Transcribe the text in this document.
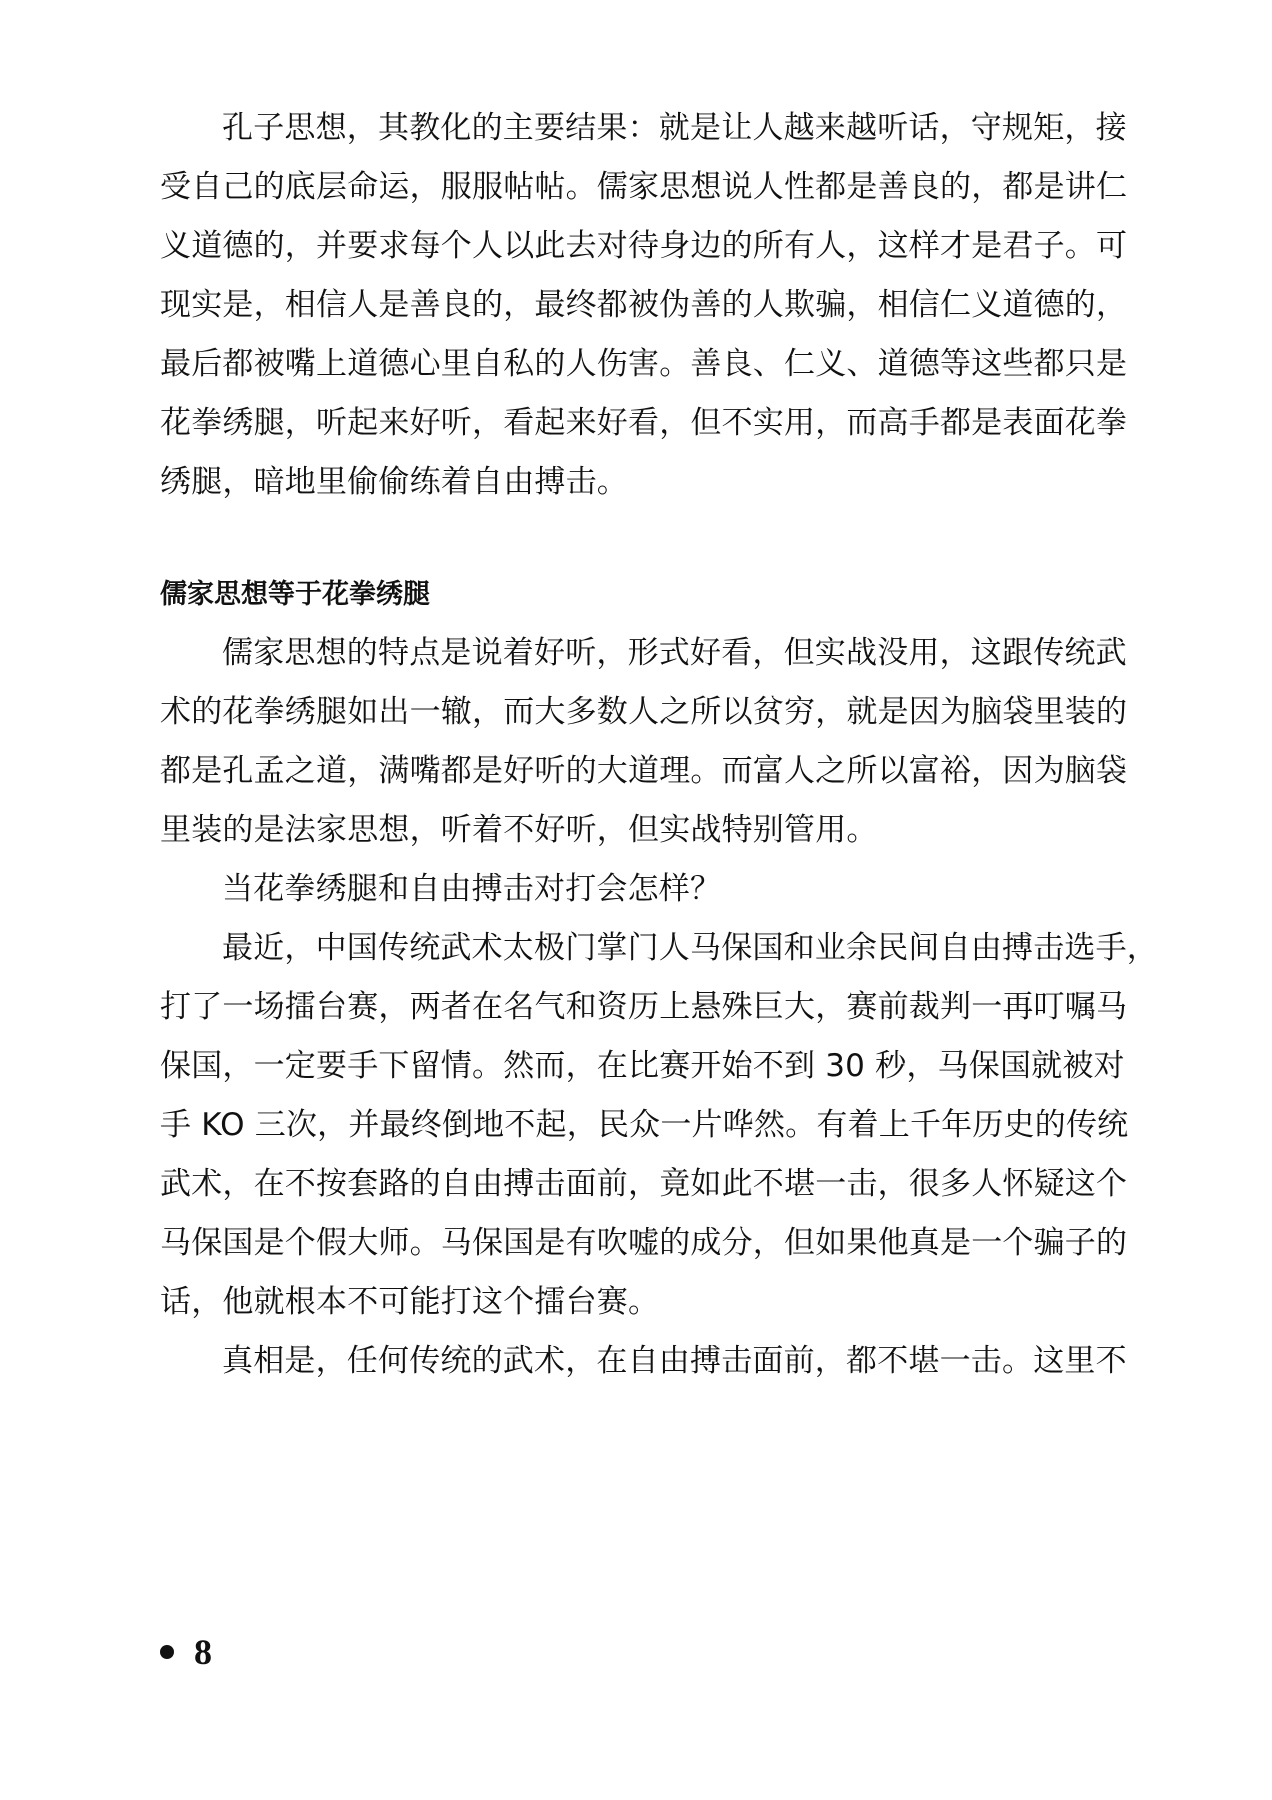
孔子思想，其教化的主要结果：就是让人越来越听话，守规矩，接
受自己的底层命运，服服帖帖。儒家思想说人性都是善良的，都是讲仁
义道德的，并要求每个人以此去对待身边的所有人，这样才是君子。可
现实是，相信人是善良的，最终都被伪善的人欺骗，相信仁义道德的，
最后都被嘴上道德心里自私的人伤害。善良、仁义、道德等这些都只是
花拳绣腿，听起来好听，看起来好看，但不实用，而高手都是表面花拳
绣腿，暗地里偷偷练着自由搏击。
儒家思想等于花拳绣腿
儒家思想的特点是说着好听，形式好看，但实战没用，这跟传统武
术的花拳绣腿如出一辙，而大多数人之所以贫穷，就是因为脑袋里装的
都是孔孟之道，满嘴都是好听的大道理。而富人之所以富裕，因为脑袋
里装的是法家思想，听着不好听，但实战特别管用。
当花拳绣腿和自由搏击对打会怎样？
最近，中国传统武术太极门掌门人马保国和业余民间自由搏击选手，
打了一场擂台赛，两者在名气和资历上悬殊巨大，赛前裁判一再叮嘱马
保国，一定要手下留情。然而，在比赛开始不到 30 秒，马保国就被对
手 KO 三次，并最终倒地不起，民众一片哗然。有着上千年历史的传统
武术，在不按套路的自由搏击面前，竟如此不堪一击，很多人怀疑这个
马保国是个假大师。马保国是有吹嘘的成分，但如果他真是一个骗子的
话，他就根本不可能打这个擂台赛。
真相是，任何传统的武术，在自由搏击面前，都不堪一击。这里不
8
